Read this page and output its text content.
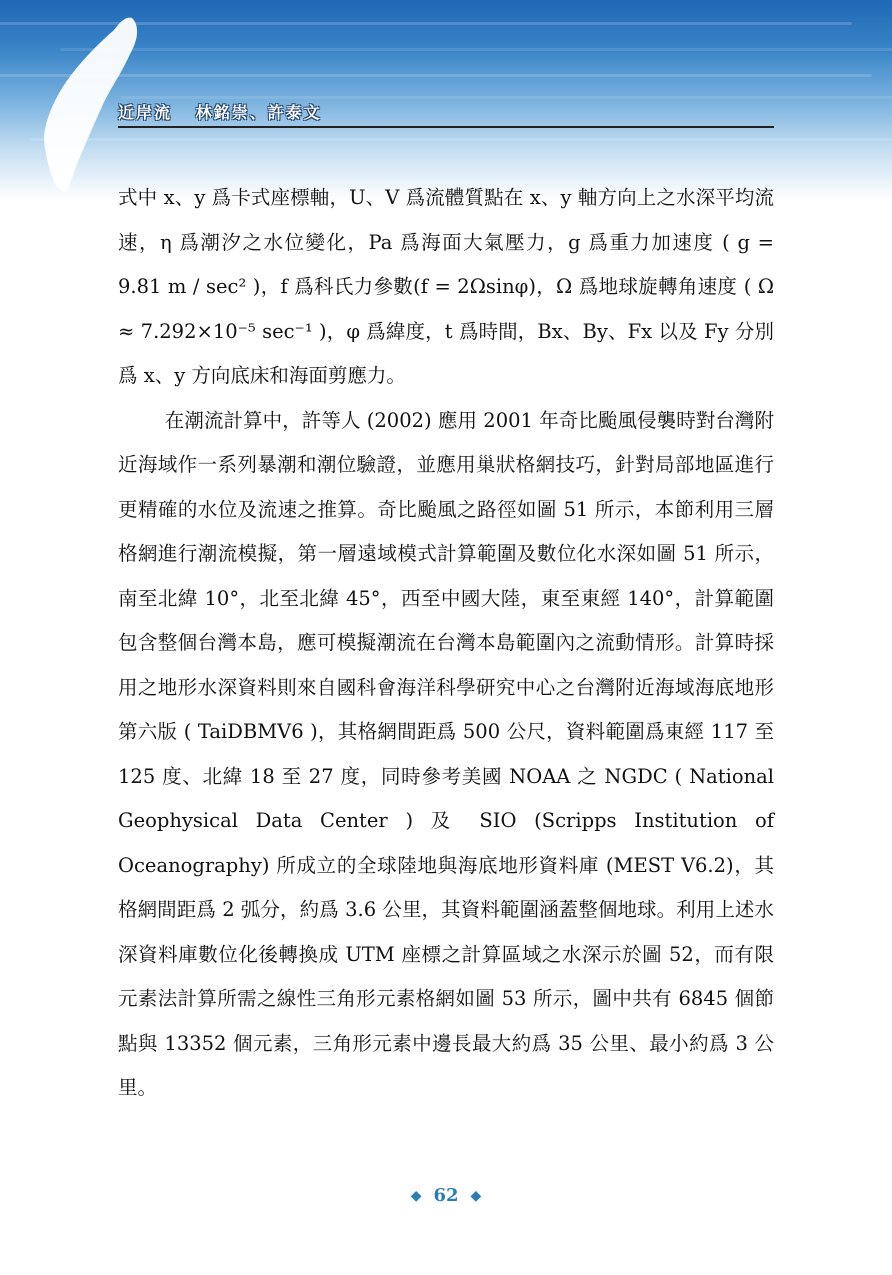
近岸流 林銘崇、許泰文

式中 x、y 爲卡式座標軸，U、V 爲流體質點在 x、y 軸方向上之水深平均流速，η 爲潮汐之水位變化，Pa 爲海面大氣壓力，g 爲重力加速度 ( g = 9.81 m / sec² )，f 爲科氏力參數(f = 2Ωsinφ)，Ω 爲地球旋轉角速度 ( Ω ≈ 7.292×10⁻⁵ sec⁻¹ )，φ 爲緯度，t 爲時間，Bx、By、Fx 以及 Fy 分別爲 x、y 方向底床和海面剪應力。

在潮流計算中，許等人 (2002) 應用 2001 年奇比颱風侵襲時對台灣附近海域作一系列暴潮和潮位驗證，並應用巢狀格網技巧，針對局部地區進行更精確的水位及流速之推算。奇比颱風之路徑如圖 51 所示，本節利用三層格網進行潮流模擬，第一層遠域模式計算範圍及數位化水深如圖 51 所示，南至北緯 10°，北至北緯 45°，西至中國大陸，東至東經 140°，計算範圍包含整個台灣本島，應可模擬潮流在台灣本島範圍內之流動情形。計算時採用之地形水深資料則來自國科會海洋科學研究中心之台灣附近海域海底地形第六版 ( TaiDBMV6 )，其格網間距爲 500 公尺，資料範圍爲東經 117 至 125 度、北緯 18 至 27 度，同時參考美國 NOAA 之 NGDC ( National Geophysical Data Center ) 及 SIO (Scripps Institution of Oceanography) 所成立的全球陸地與海底地形資料庫 (MEST V6.2)，其格網間距爲 2 弧分，約爲 3.6 公里，其資料範圍涵蓋整個地球。利用上述水深資料庫數位化後轉換成 UTM 座標之計算區域之水深示於圖 52，而有限元素法計算所需之線性三角形元素格網如圖 53 所示，圖中共有 6845 個節點與 13352 個元素，三角形元素中邊長最大約爲 35 公里、最小約爲 3 公里。

◆ 62 ◆
